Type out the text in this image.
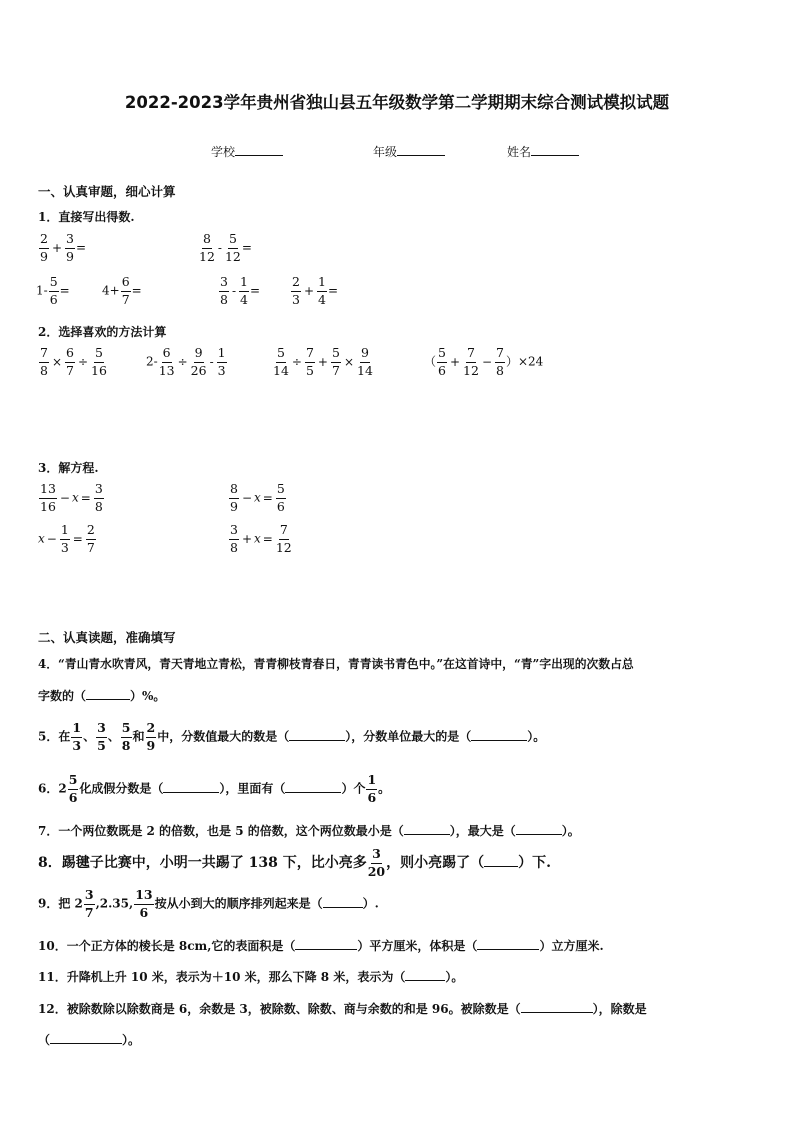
2022-2023学年贵州省独山县五年级数学第二学期期末综合测试模拟试题
学校	年级	姓名
一、认真审题，细心计算
1．直接写出得数.
$\frac{2}{9} + \frac{3}{9}$ =	$\frac{8}{12} - \frac{5}{12}$ =
$1- \frac{5}{6}$ =	$4+ \frac{6}{7}$ =	$\frac{3}{8} - \frac{1}{4} = \frac{2}{3} + \frac{1}{4}$ =
2．选择喜欢的方法计算
$\frac{7}{8} \times \frac{6}{7} \div \frac{5}{16}$	$2- \frac{6}{13} \div \frac{9}{26} - \frac{1}{3}$	$\frac{5}{14} \div \frac{7}{5} + \frac{5}{7} \times \frac{9}{14}$	（ $\frac{5}{6} + \frac{7}{12} - \frac{7}{8} )\times 24$
3．解方程.
$\frac{13}{16} - x = \frac{3}{8}$	$\frac{8}{9} - x = \frac{5}{6}$
$x - \frac{1}{3} = \frac{2}{7}$	$\frac{3}{8} + x = \frac{7}{12}$
二、认真读题，准确填写
4．“青山青水吹青风，青天青地立青松，青青柳枝青春日，青青读书青色中。”在这首诗中，“青”字出现的次数占总
字数的（	）%。
5．在 $\frac{1}{3}$ 、 $\frac{3}{5}$ 、 $\frac{5}{8}$ 和 $\frac{2}{9}$ 中，分数值最大的数是（	），分数单位最大的是（	）。
6．$2 \frac{5}{6}$ 化成假分数是（	），里面有（	）个 $\frac{1}{6}$ 。
7．一个两位数既是 2 的倍数，也是 5 的倍数，这个两位数最小是（	），最大是（	）。
8．踢毽子比赛中，小明一共踢了 138 下，比小亮多 $\frac{3}{20}$ ，则小亮踢了（ ）下.
9．把 $2 \frac{3}{7} ,2.35$, $\frac{13}{6}$ 按从小到大的顺序排列起来是（	）.
10．一个正方体的棱长是 8cm,它的表面积是（	）平方厘米，体积是（	）立方厘米.
11．升降机上升 10 米，表示为＋10 米，那么下降 8 米，表示为（	）。
12．被除数除以除数商是 6，余数是 3，被除数、除数、商与余数的和是 96。被除数是（	），除数是
（	）。
